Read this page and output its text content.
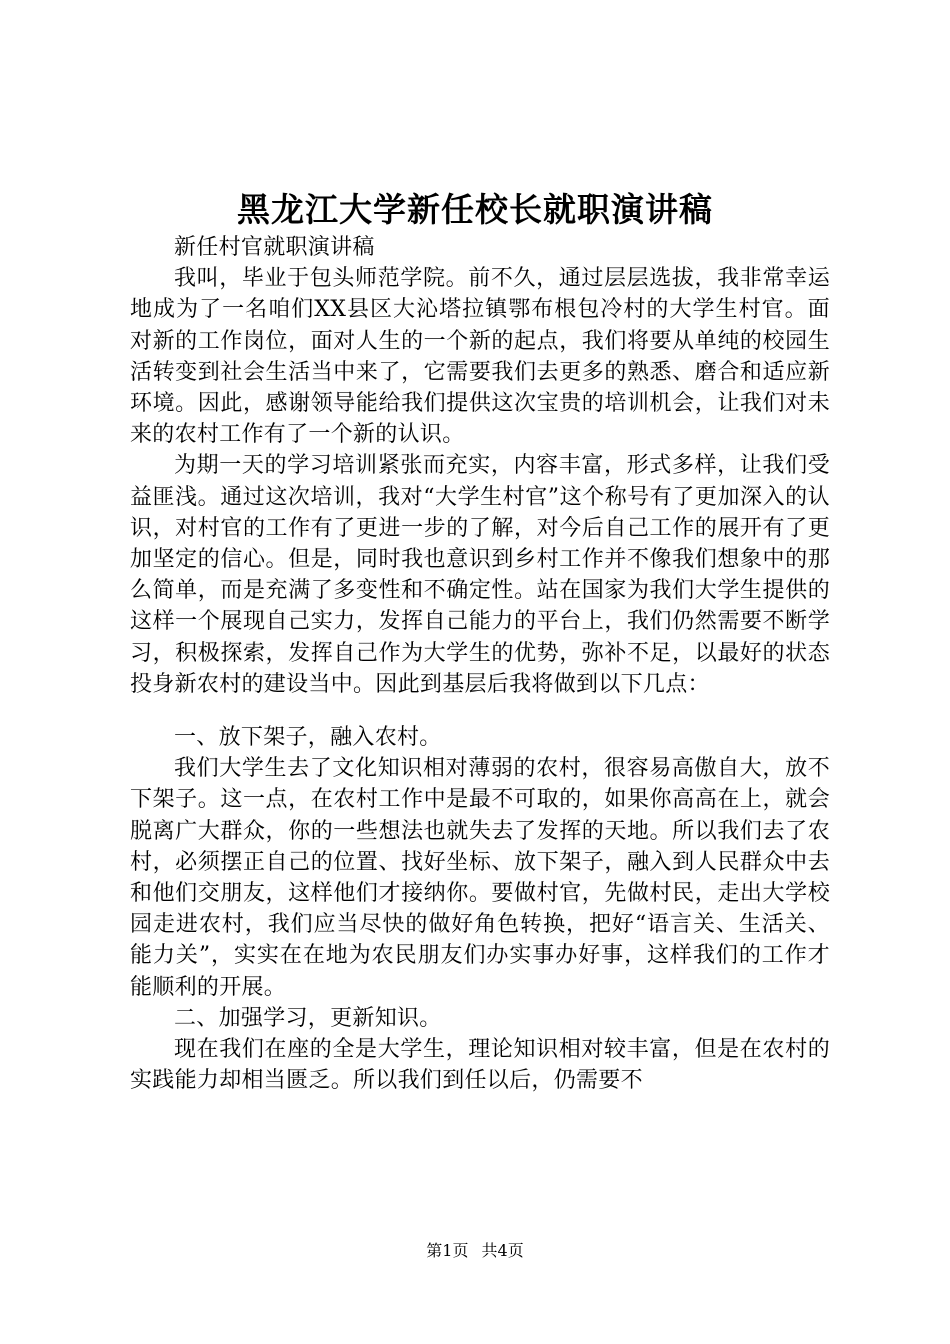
黑龙江大学新任校长就职演讲稿

新任村官就职演讲稿

我叫，毕业于包头师范学院。前不久，通过层层选拔，我非常幸运地成为了一名咱们XX县区大沁塔拉镇鄂布根包冷村的大学生村官。面对新的工作岗位，面对人生的一个新的起点，我们将要从单纯的校园生活转变到社会生活当中来了，它需要我们去更多的熟悉、磨合和适应新环境。因此，感谢领导能给我们提供这次宝贵的培训机会，让我们对未来的农村工作有了一个新的认识。

为期一天的学习培训紧张而充实，内容丰富，形式多样，让我们受益匪浅。通过这次培训，我对“大学生村官”这个称号有了更加深入的认识，对村官的工作有了更进一步的了解，对今后自己工作的展开有了更加坚定的信心。但是，同时我也意识到乡村工作并不像我们想象中的那么简单，而是充满了多变性和不确定性。站在国家为我们大学生提供的这样一个展现自己实力，发挥自己能力的平台上，我们仍然需要不断学习，积极探索，发挥自己作为大学生的优势，弥补不足，以最好的状态投身新农村的建设当中。因此到基层后我将做到以下几点：

一、放下架子，融入农村。

我们大学生去了文化知识相对薄弱的农村，很容易高傲自大，放不下架子。这一点，在农村工作中是最不可取的，如果你高高在上，就会脱离广大群众，你的一些想法也就失去了发挥的天地。所以我们去了农村，必须摆正自己的位置、找好坐标、放下架子，融入到人民群众中去和他们交朋友，这样他们才接纳你。要做村官，先做村民，走出大学校园走进农村，我们应当尽快的做好角色转换，把好“语言关、生活关、能力关”，实实在在地为农民朋友们办实事办好事，这样我们的工作才能顺利的开展。

二、加强学习，更新知识。

现在我们在座的全是大学生，理论知识相对较丰富，但是在农村的实践能力却相当匮乏。所以我们到任以后，仍需要不

第1页 共4页
